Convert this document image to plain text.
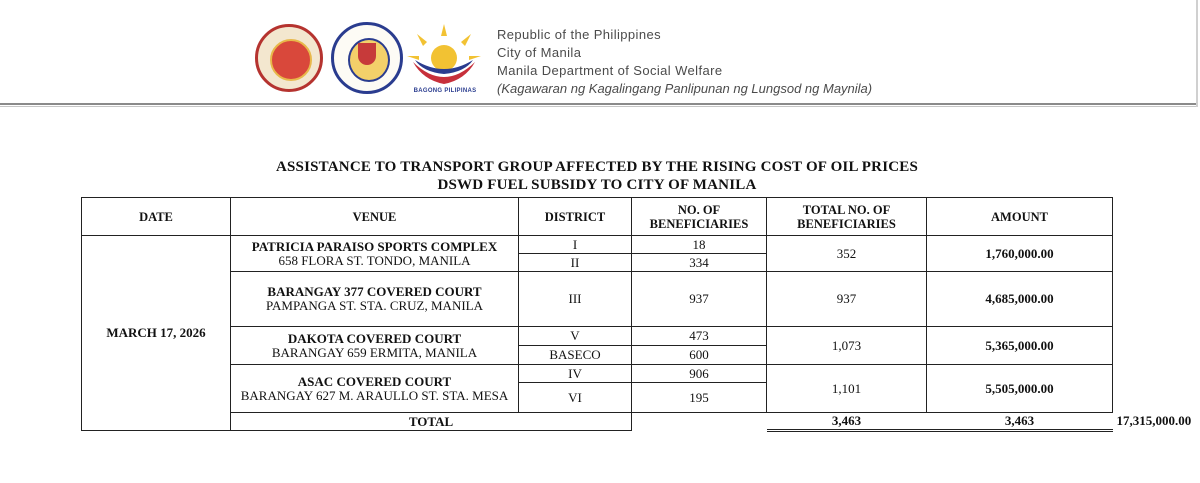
BAGONG PILIPINAS
Republic of the Philippines
City of Manila
Manila Department of Social Welfare
(Kagawaran ng Kagalingang Panlipunan ng Lungsod ng Maynila)
ASSISTANCE TO TRANSPORT GROUP AFFECTED BY THE RISING COST OF OIL PRICES
DSWD FUEL SUBSIDY TO CITY OF MANILA
DATE	VENUE	DISTRICT	NO. OF BENEFICIARIES	TOTAL NO. OF BENEFICIARIES	AMOUNT	
MARCH 17, 2026	PATRICIA PARAISO SPORTS COMPLEX
658 FLORA ST. TONDO, MANILA	I	18	352	1,760,000.00	
		II	334			

	BARANGAY 377 COVERED COURT
PAMPANGA ST. STA. CRUZ, MANILA	III	937	937	4,685,000.00	

	DAKOTA COVERED COURT
BARANGAY 659 ERMITA, MANILA	V	473	1,073	5,365,000.00	
		BASECO	600			

	ASAC COVERED COURT
BARANGAY 627 M. ARAULLO ST. STA. MESA	IV	906	1,101	5,505,000.00	
		VI	195			
	TOTAL			3,463	3,463	17,315,000.00
